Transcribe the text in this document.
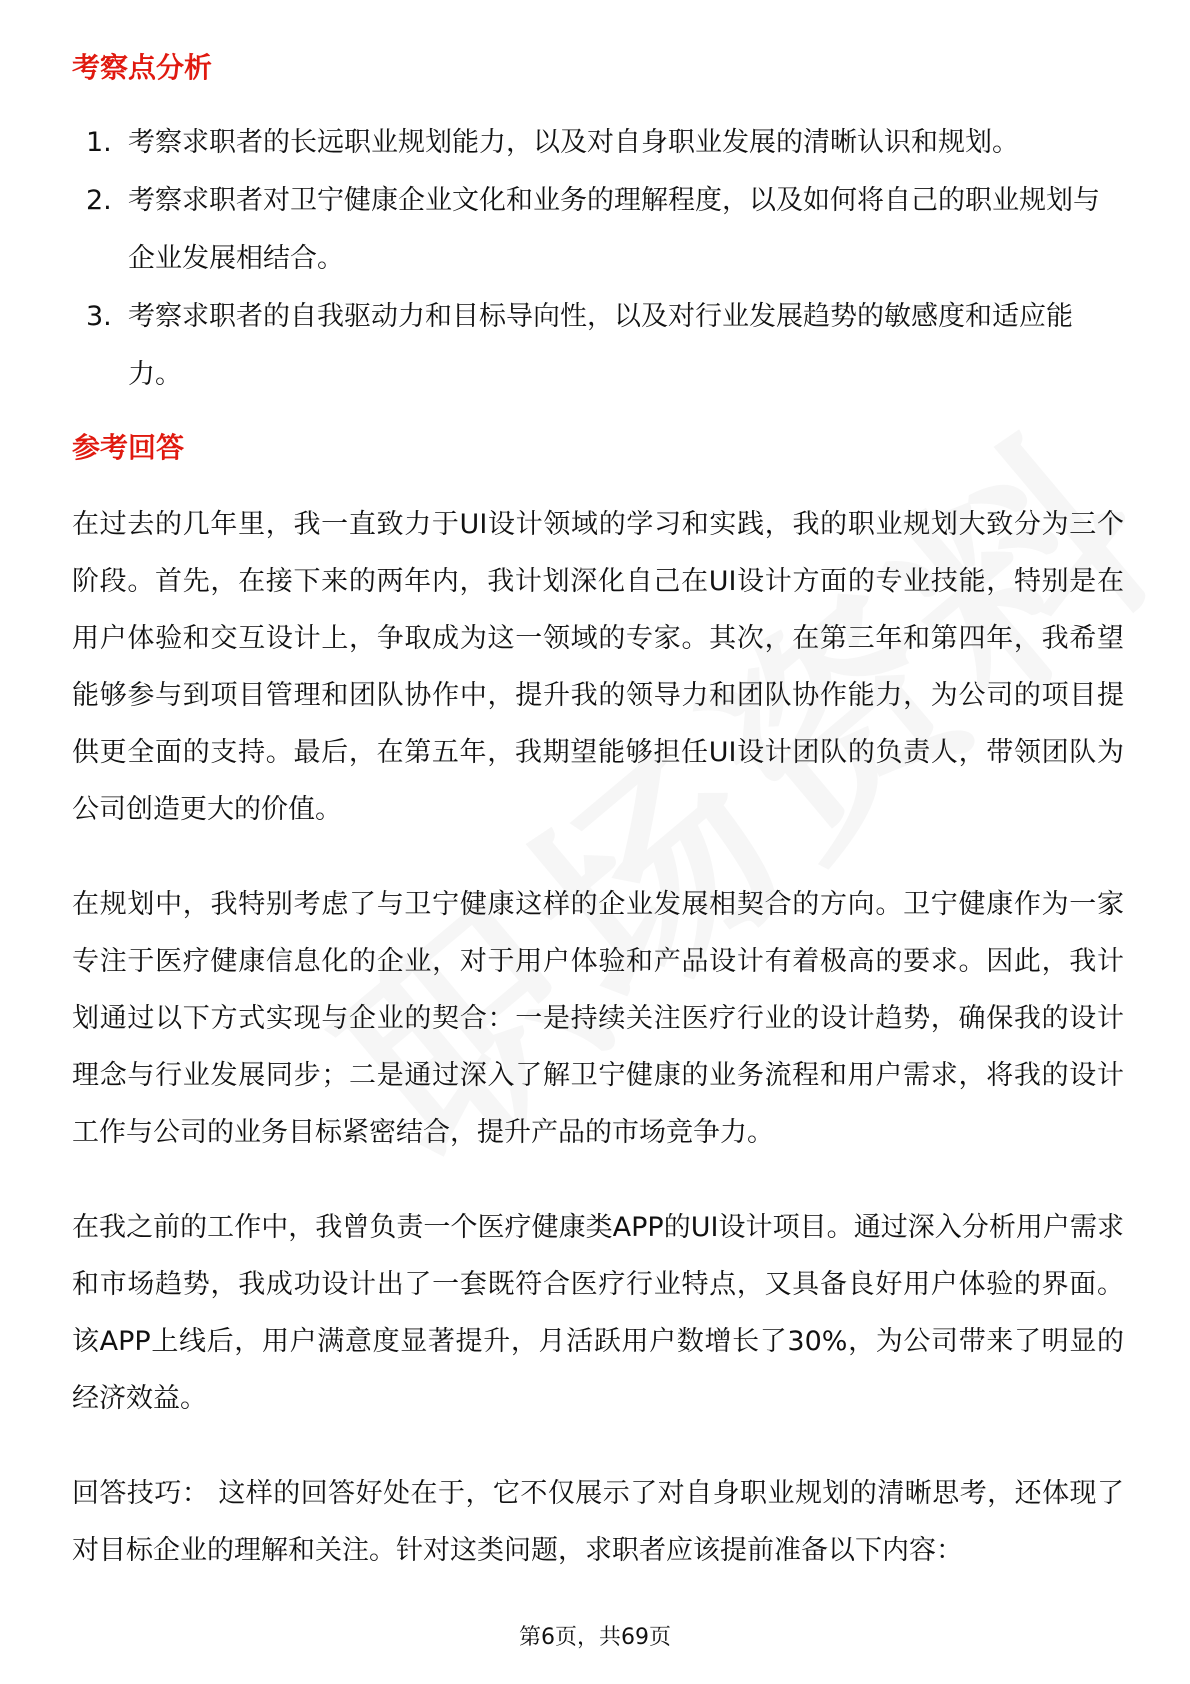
考察点分析
1. 考察求职者的长远职业规划能力，以及对自身职业发展的清晰认识和规划。
2. 考察求职者对卫宁健康企业文化和业务的理解程度，以及如何将自己的职业规划与企业发展相结合。
3. 考察求职者的自我驱动力和目标导向性，以及对行业发展趋势的敏感度和适应能力。
参考回答

在过去的几年里，我一直致力于UI设计领域的学习和实践，我的职业规划大致分为三个阶段。首先，在接下来的两年内，我计划深化自己在UI设计方面的专业技能，特别是在用户体验和交互设计上，争取成为这一领域的专家。其次，在第三年和第四年，我希望能够参与到项目管理和团队协作中，提升我的领导力和团队协作能力，为公司的项目提供更全面的支持。最后，在第五年，我期望能够担任UI设计团队的负责人，带领团队为公司创造更大的价值。

在规划中，我特别考虑了与卫宁健康这样的企业发展相契合的方向。卫宁健康作为一家专注于医疗健康信息化的企业，对于用户体验和产品设计有着极高的要求。因此，我计划通过以下方式实现与企业的契合：一是持续关注医疗行业的设计趋势，确保我的设计理念与行业发展同步；二是通过深入了解卫宁健康的业务流程和用户需求，将我的设计工作与公司的业务目标紧密结合，提升产品的市场竞争力。

在我之前的工作中，我曾负责一个医疗健康类APP的UI设计项目。通过深入分析用户需求和市场趋势，我成功设计出了一套既符合医疗行业特点，又具备良好用户体验的界面。该APP上线后，用户满意度显著提升，月活跃用户数增长了30%，为公司带来了明显的经济效益。

回答技巧： 这样的回答好处在于，它不仅展示了对自身职业规划的清晰思考，还体现了对目标企业的理解和关注。针对这类问题，求职者应该提前准备以下内容：

第6页，共69页
